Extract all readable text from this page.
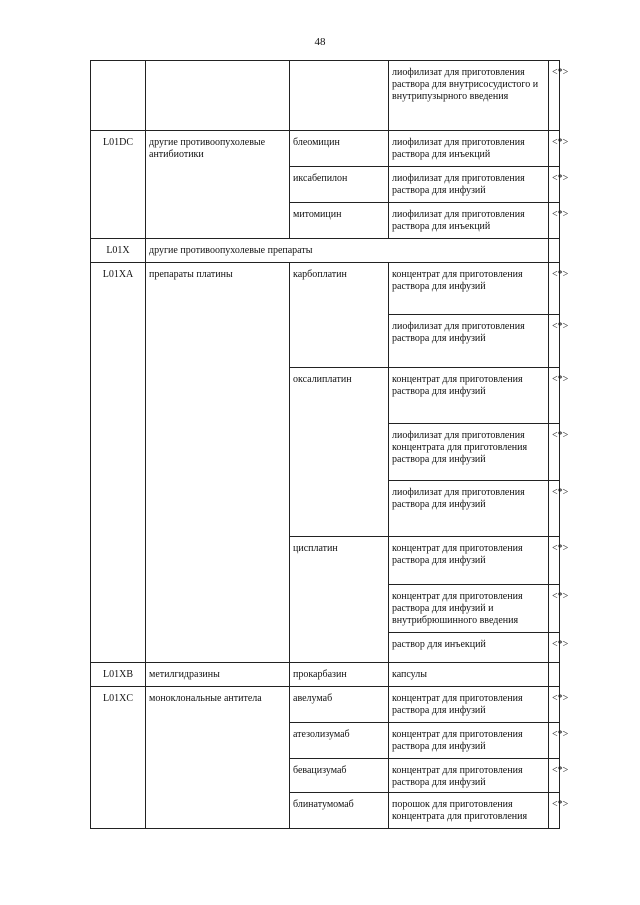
48
			лиофилизат для приготовления раствора для внутрисосудистого и внутрипузырного введения	<*>
L01DC	другие противоопухолевые антибиотики	блеомицин	лиофилизат для приготовления раствора для инъекций	<*>
		иксабепилон	лиофилизат для приготовления раствора для инфузий	<*>
		митомицин	лиофилизат для приготовления раствора для инъекций	<*>
L01X	другие противоопухолевые препараты			
L01XA	препараты платины	карбоплатин	концентрат для приготовления раствора для инфузий	<*>
			лиофилизат для приготовления раствора для инфузий	<*>
		оксалиплатин	концентрат для приготовления раствора для инфузий	<*>
			лиофилизат для приготовления концентрата для приготовления раствора для инфузий	<*>
			лиофилизат для приготовления раствора для инфузий	<*>
		цисплатин	концентрат для приготовления раствора для инфузий	<*>
			концентрат для приготовления раствора для инфузий и внутрибрюшинного введения	<*>
			раствор для инъекций	<*>
L01XB	метилгидразины	прокарбазин	капсулы	
L01XC	моноклональные антитела	авелумаб	концентрат для приготовления раствора для инфузий	<*>
		атезолизумаб	концентрат для приготовления раствора для инфузий	<*>
		бевацизумаб	концентрат для приготовления раствора для инфузий	<*>
		блинатумомаб	порошок для приготовления концентрата для приготовления	<*>
